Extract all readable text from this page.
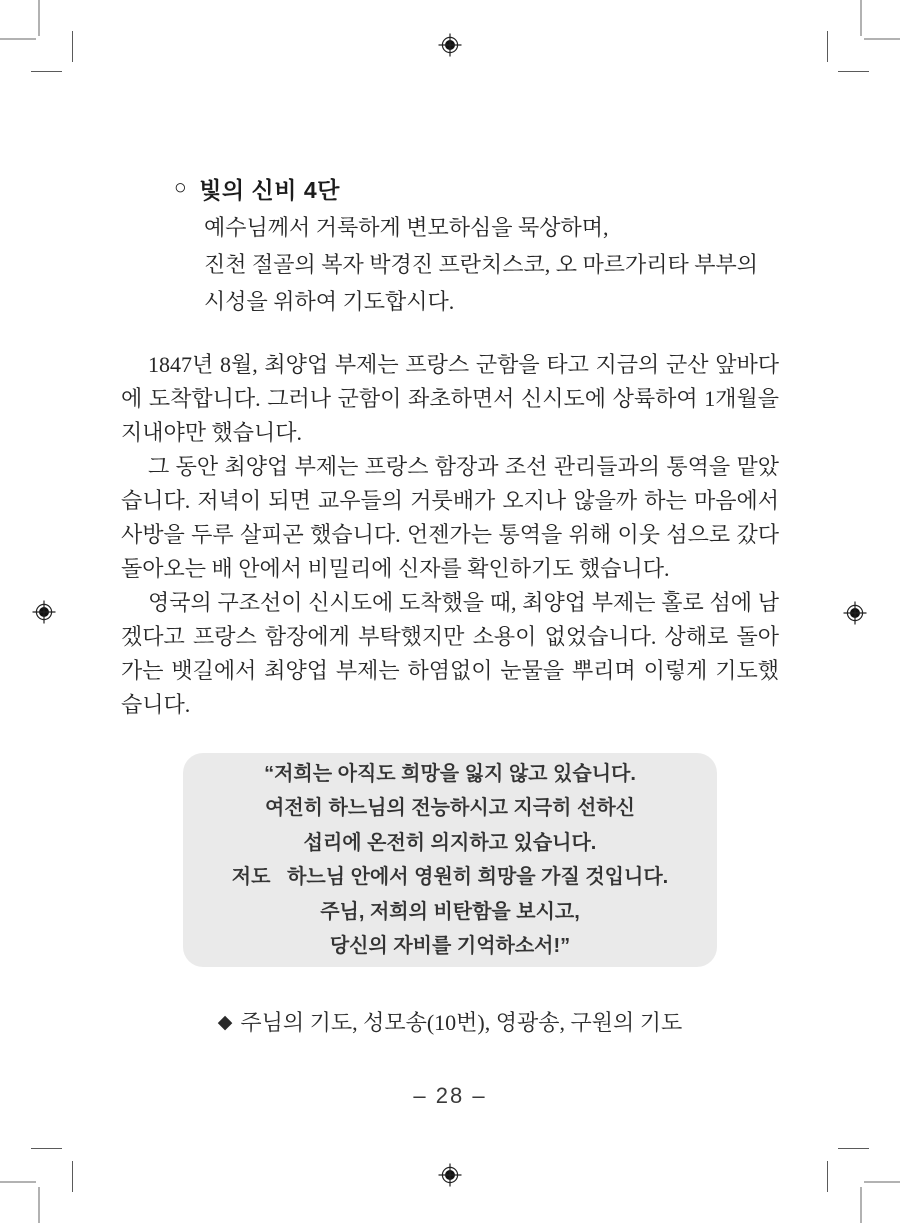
○ 빛의 신비 4단
예수님께서 거룩하게 변모하심을 묵상하며,
진천 절골의 복자 박경진 프란치스코, 오 마르가리타 부부의
시성을 위하여 기도합시다.

1847년 8월, 최양업 부제는 프랑스 군함을 타고 지금의 군산 앞바다에 도착합니다. 그러나 군함이 좌초하면서 신시도에 상륙하여 1개월을 지내야만 했습니다.

그 동안 최양업 부제는 프랑스 함장과 조선 관리들과의 통역을 맡았습니다. 저녁이 되면 교우들의 거룻배가 오지나 않을까 하는 마음에서 사방을 두루 살피곤 했습니다. 언젠가는 통역을 위해 이웃 섬으로 갔다 돌아오는 배 안에서 비밀리에 신자를 확인하기도 했습니다.

영국의 구조선이 신시도에 도착했을 때, 최양업 부제는 홀로 섬에 남겠다고 프랑스 함장에게 부탁했지만 소용이 없었습니다. 상해로 돌아가는 뱃길에서 최양업 부제는 하염없이 눈물을 뿌리며 이렇게 기도했습니다.

“저희는 아직도 희망을 잃지 않고 있습니다.
여전히 하느님의 전능하시고 지극히 선하신
섭리에 온전히 의지하고 있습니다.
저도   하느님 안에서 영원히 희망을 가질 것입니다.
주님, 저희의 비탄함을 보시고,
당신의 자비를 기억하소서!”
◆ 주님의 기도, 성모송(10번), 영광송, 구원의 기도
– 28 –
